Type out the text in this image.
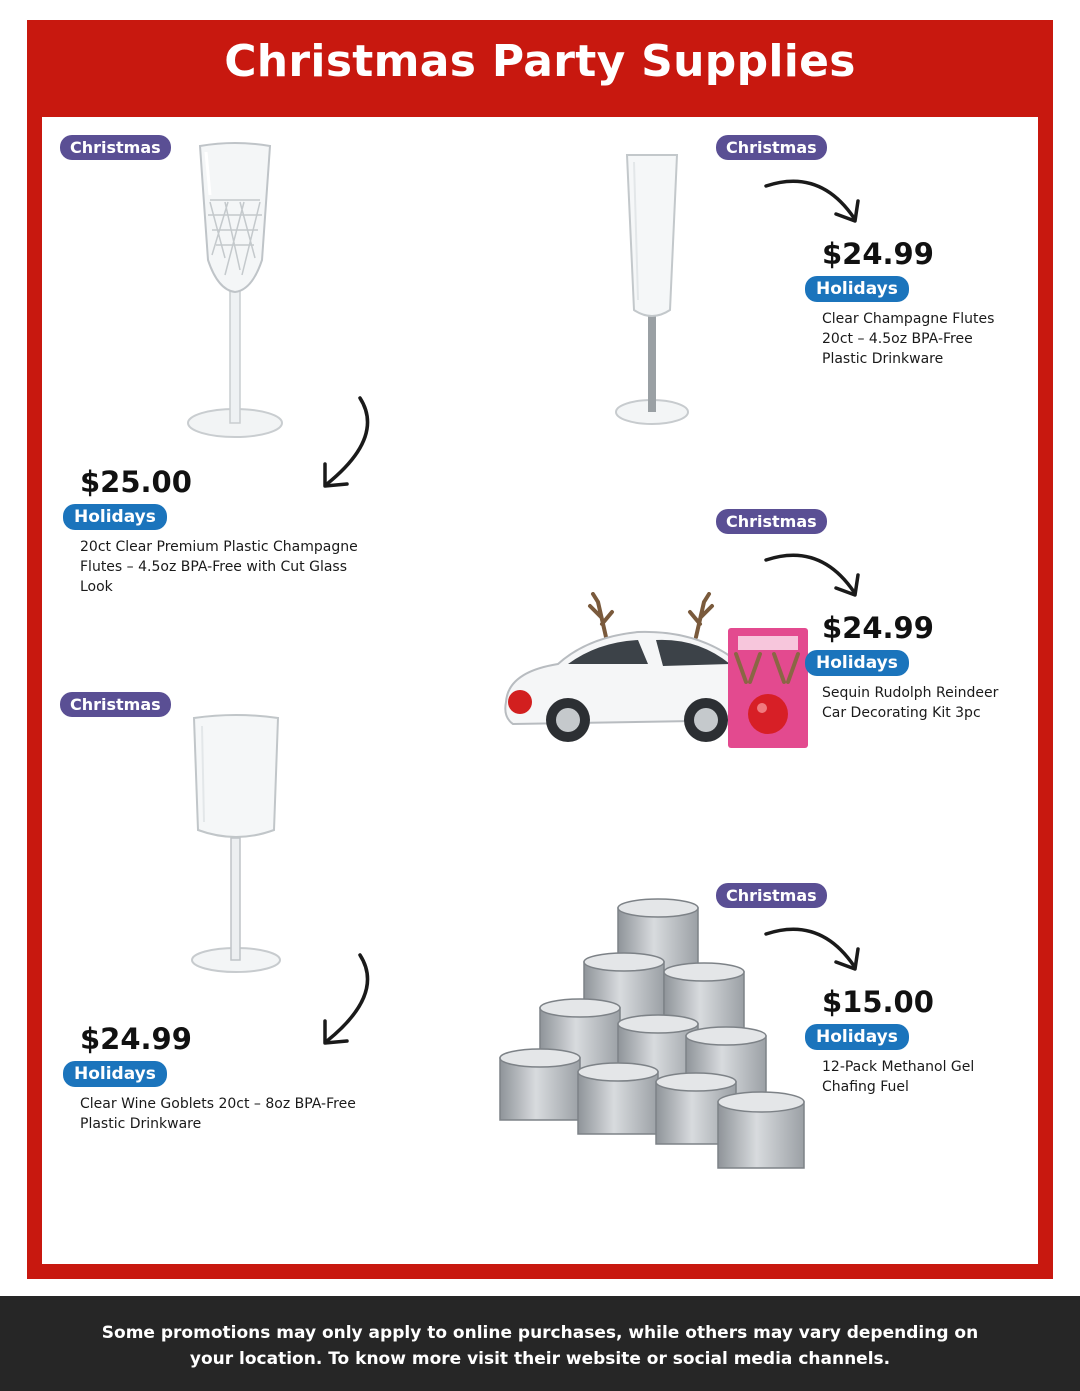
Christmas Party Supplies
Christmas
$25.00
Holidays
20ct Clear Premium Plastic Champagne Flutes – 4.5oz BPA-Free with Cut Glass Look
Christmas
$24.99
Holidays
Clear Champagne Flutes 20ct – 4.5oz BPA-Free Plastic Drinkware
Christmas
$24.99
Holidays
Sequin Rudolph Reindeer Car Decorating Kit 3pc
Christmas
$24.99
Holidays
Clear Wine Goblets 20ct – 8oz BPA-Free Plastic Drinkware
Christmas
$15.00
Holidays
12-Pack Methanol Gel Chafing Fuel
Some promotions may only apply to online purchases, while others may vary depending on your location. To know more visit their website or social media channels.
